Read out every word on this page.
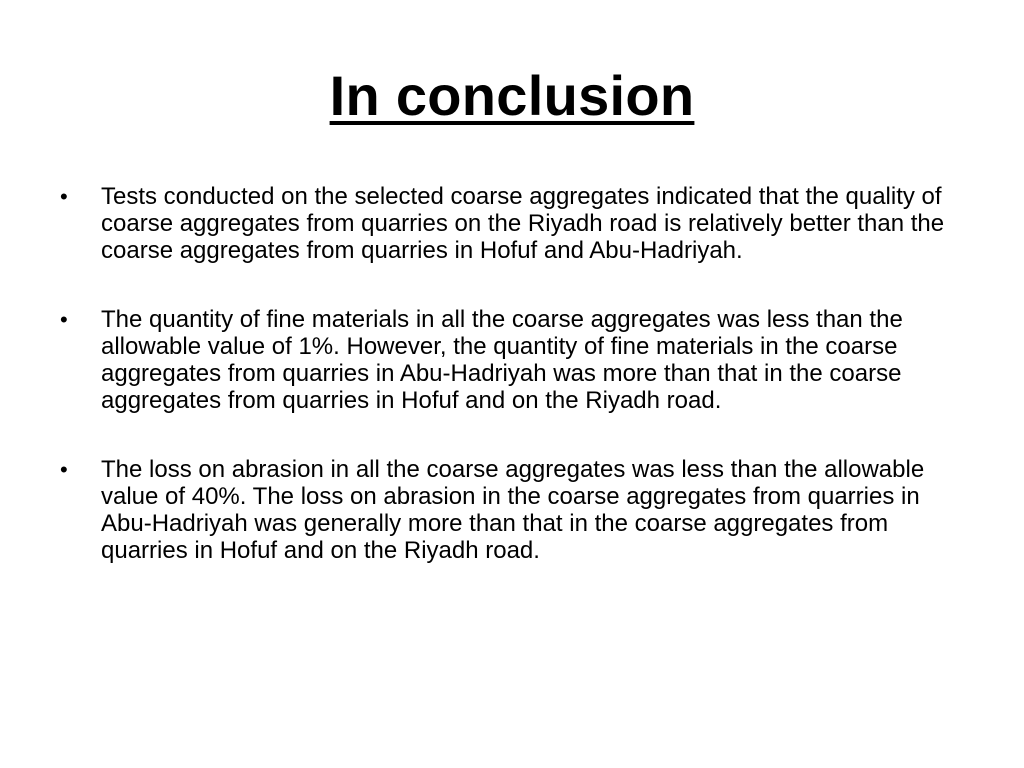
In conclusion
• Tests conducted on the selected coarse aggregates indicated that the quality of coarse aggregates from quarries on the Riyadh road is relatively better than the coarse aggregates from quarries in Hofuf and Abu-Hadriyah.
• The quantity of fine materials in all the coarse aggregates was less than the allowable value of 1%. However, the quantity of fine materials in the coarse aggregates from quarries in Abu-Hadriyah was more than that in the coarse aggregates from quarries in Hofuf and on the Riyadh road.
• The loss on abrasion in all the coarse aggregates was less than the allowable value of 40%. The loss on abrasion in the coarse aggregates from quarries in Abu-Hadriyah was generally more than that in the coarse aggregates from quarries in Hofuf and on the Riyadh road.
